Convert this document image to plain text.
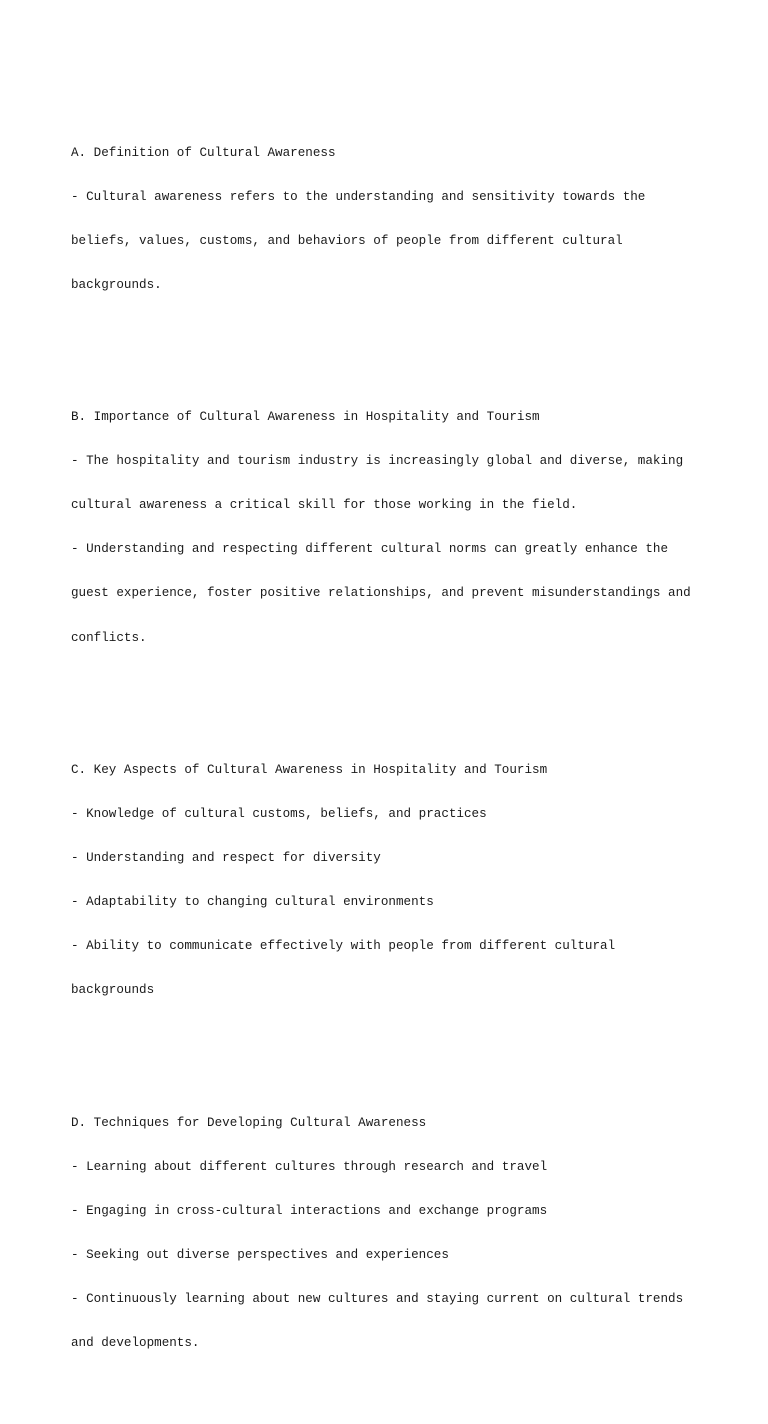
A. Definition of Cultural Awareness

- Cultural awareness refers to the understanding and sensitivity towards the

beliefs, values, customs, and behaviors of people from different cultural

backgrounds.

B. Importance of Cultural Awareness in Hospitality and Tourism

- The hospitality and tourism industry is increasingly global and diverse, making

cultural awareness a critical skill for those working in the field.

- Understanding and respecting different cultural norms can greatly enhance the

guest experience, foster positive relationships, and prevent misunderstandings and

conflicts.

C. Key Aspects of Cultural Awareness in Hospitality and Tourism

- Knowledge of cultural customs, beliefs, and practices

- Understanding and respect for diversity

- Adaptability to changing cultural environments

- Ability to communicate effectively with people from different cultural

backgrounds

D. Techniques for Developing Cultural Awareness

- Learning about different cultures through research and travel

- Engaging in cross-cultural interactions and exchange programs

- Seeking out diverse perspectives and experiences

- Continuously learning about new cultures and staying current on cultural trends

and developments.
